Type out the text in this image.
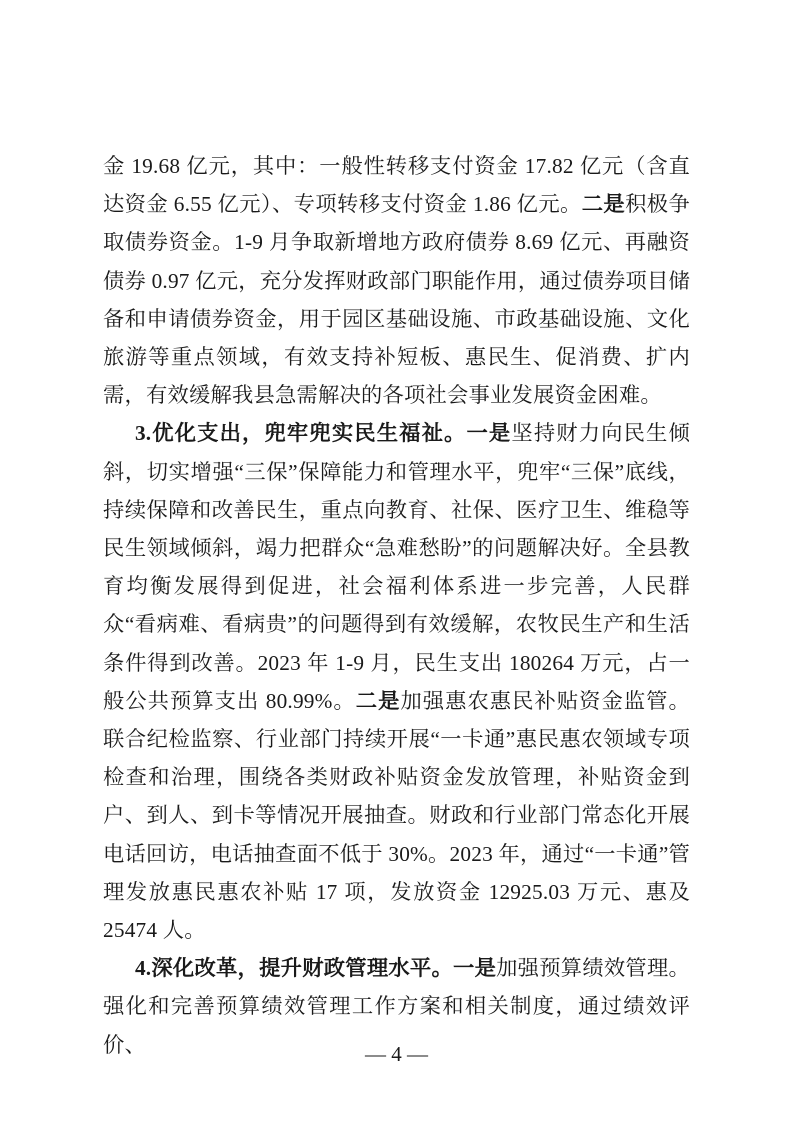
金 19.68 亿元，其中：一般性转移支付资金 17.82 亿元（含直达资金 6.55 亿元）、专项转移支付资金 1.86 亿元。二是积极争取债券资金。1-9 月争取新增地方政府债券 8.69 亿元、再融资债券 0.97 亿元，充分发挥财政部门职能作用，通过债券项目储备和申请债券资金，用于园区基础设施、市政基础设施、文化旅游等重点领域，有效支持补短板、惠民生、促消费、扩内需，有效缓解我县急需解决的各项社会事业发展资金困难。

3.优化支出，兜牢兜实民生福祉。一是坚持财力向民生倾斜，切实增强“三保”保障能力和管理水平，兜牢“三保”底线，持续保障和改善民生，重点向教育、社保、医疗卫生、维稳等民生领域倾斜，竭力把群众“急难愁盼”的问题解决好。全县教育均衡发展得到促进，社会福利体系进一步完善，人民群众“看病难、看病贵”的问题得到有效缓解，农牧民生产和生活条件得到改善。2023 年 1-9 月，民生支出 180264 万元，占一般公共预算支出 80.99%。二是加强惠农惠民补贴资金监管。联合纪检监察、行业部门持续开展“一卡通”惠民惠农领域专项检查和治理，围绕各类财政补贴资金发放管理，补贴资金到户、到人、到卡等情况开展抽查。财政和行业部门常态化开展电话回访，电话抽查面不低于 30%。2023 年，通过“一卡通”管理发放惠民惠农补贴 17 项，发放资金 12925.03 万元、惠及 25474 人。

4.深化改革，提升财政管理水平。一是加强预算绩效管理。强化和完善预算绩效管理工作方案和相关制度，通过绩效评价、	— 4 —
